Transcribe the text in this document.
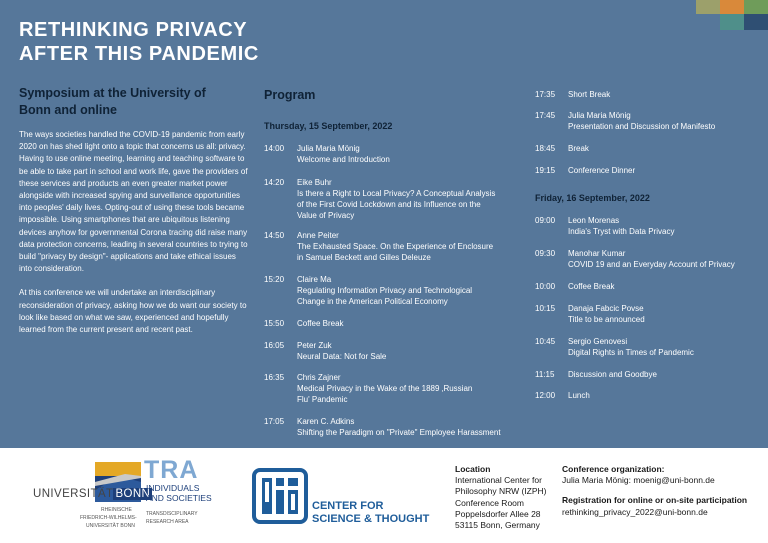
RETHINKING PRIVACY
AFTER THIS PANDEMIC
Symposium at the University of Bonn and online

The ways societies handled the COVID-19 pandemic from early 2020 on has shed light onto a topic that concerns us all: privacy. Having to use online meeting, learning and teaching software to be able to take part in school and work life, gave the providers of these services and products an even greater market power alongside with increased spying and surveillance opportunities into peoples' daily lives. Opting-out of using these tools became impossible. Using smartphones that are ubiquitous listening devices anyhow for governmental Corona tracing did raise many data protection concerns, leading in several countries to trying to build "privacy by design"- applications and take ethical issues into consideration.

At this conference we will undertake an interdisciplinary reconsideration of privacy, asking how we do want our society to look like based on what we saw, experienced and hopefully learned from the current present and recent past.

Program
Thursday, 15 September, 2022
Friday, 16 September, 2022
14:00	Julia Maria Mönig
Welcome and Introduction
14:20	Eike Buhr
Is there a Right to Local Privacy? A Conceptual Analysis
of the First Covid Lockdown and its Influence on the
Value of Privacy
14:50	Anne Peiter
The Exhausted Space. On the Experience of Enclosure
in Samuel Beckett and Gilles Deleuze
15:20	Claire Ma
Regulating Information Privacy and Technological
Change in the American Political Economy
15:50	Coffee Break
16:05	Peter Zuk
Neural Data: Not for Sale
16:35	Chris Zajner
Medical Privacy in the Wake of the 1889 ‚Russian
Flu' Pandemic
17:05	Karen C. Adkins
Shifting the Paradigm on "Private" Employee Harassment
17:35	Short Break
17:45	Julia Maria Mönig
Presentation and Discussion of Manifesto
18:45	Break
19:15	Conference Dinner
09:00	Leon Morenas
India's Tryst with Data Privacy
09:30	Manohar Kumar
COVID 19 and an Everyday Account of Privacy
10:00	Coffee Break
10:15	Danaja Fabcic Povse
Title to be announced
10:45	Sergio Genovesi
Digital Rights in Times of Pandemic
11:15	Discussion and Goodbye
12:00	Lunch
UNIVERSITÄT BONN
RHEINISCHE
FRIEDRICH-WILHELMS-
UNIVERSITÄT BONN
TRA
INDIVIDUALS
AND SOCIETIES
TRANSDISCIPLINARY
RESEARCH AREA
CENTER FOR
SCIENCE & THOUGHT
Location
International Center for
Philosophy NRW (IZPH)
Conference Room
Poppelsdorfer Allee 28
53115 Bonn, Germany
Conference organization:
Julia Maria Mönig: moenig@uni-bonn.de
Registration for online or on-site participation
rethinking_privacy_2022@uni-bonn.de
